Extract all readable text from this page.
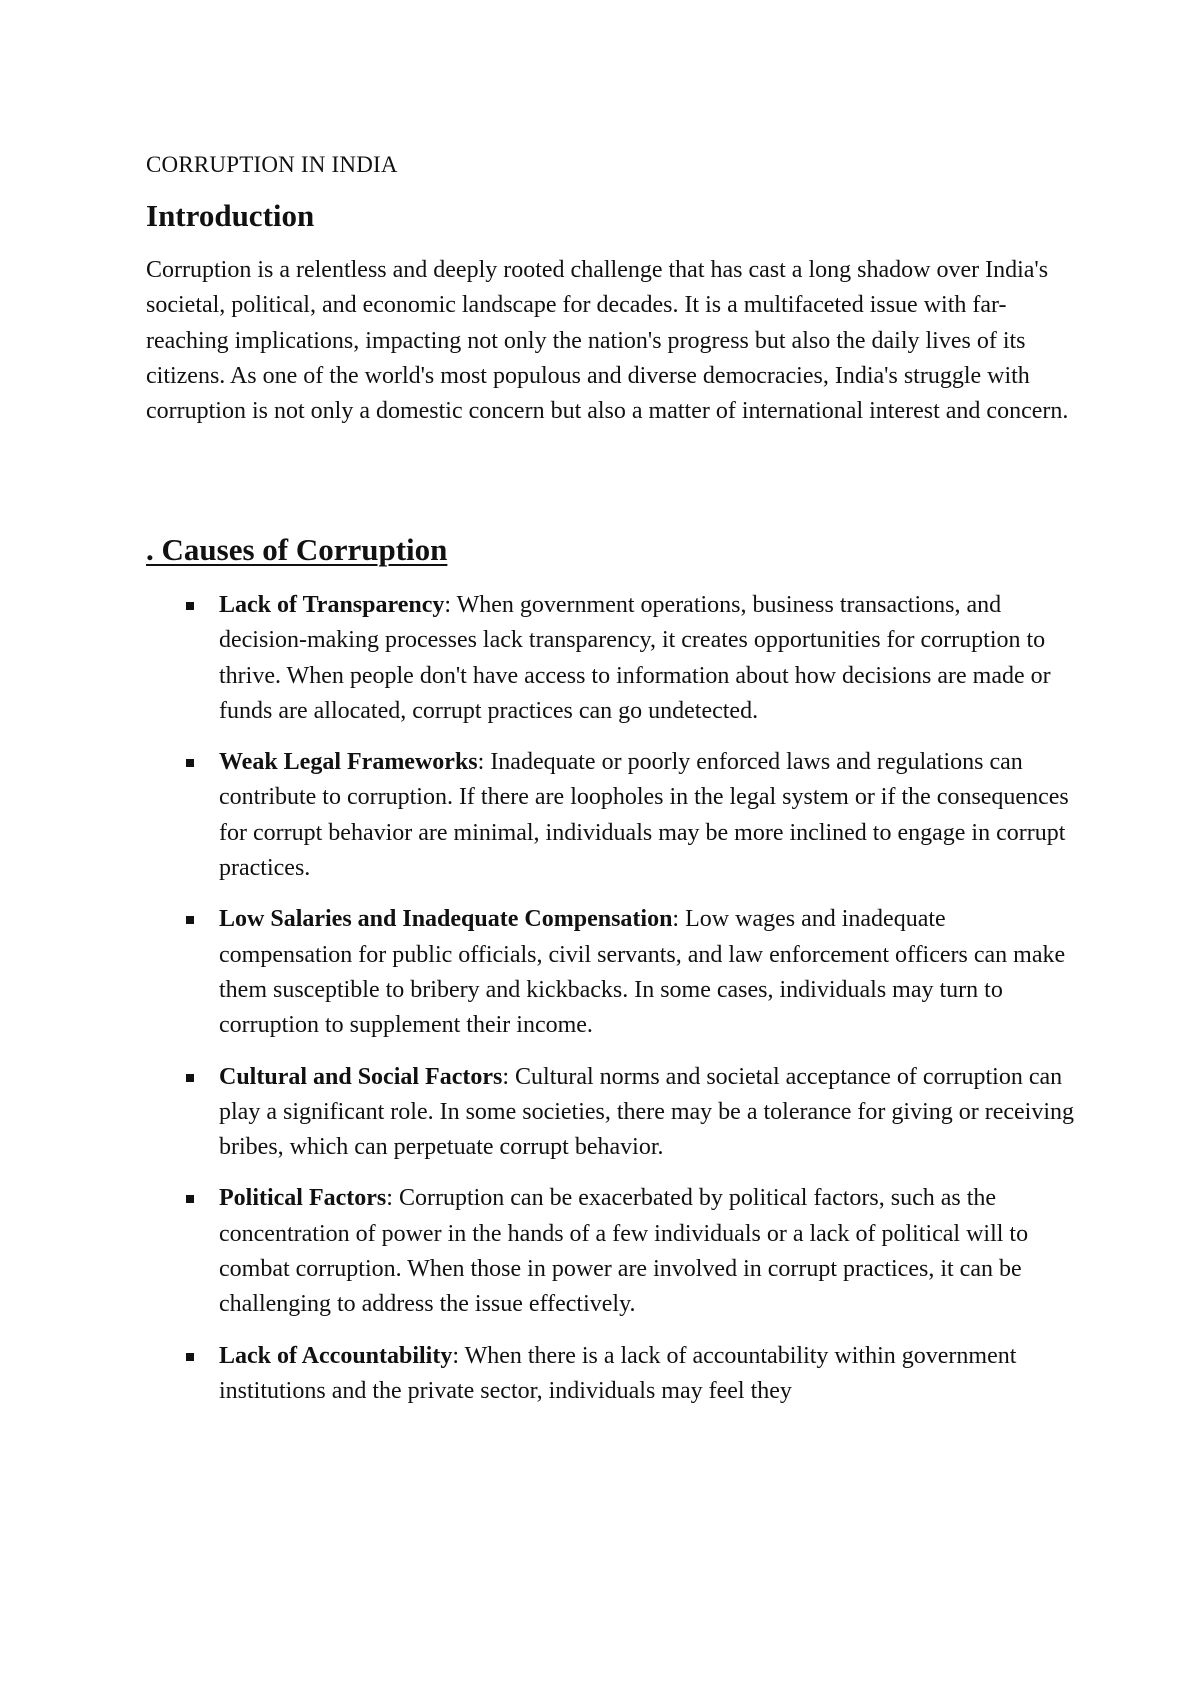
CORRUPTION IN INDIA
Introduction

Corruption is a relentless and deeply rooted challenge that has cast a long shadow over India's societal, political, and economic landscape for decades. It is a multifaceted issue with far-reaching implications, impacting not only the nation's progress but also the daily lives of its citizens. As one of the world's most populous and diverse democracies, India's struggle with corruption is not only a domestic concern but also a matter of international interest and concern.

. Causes of Corruption
Lack of Transparency: When government operations, business transactions, and decision-making processes lack transparency, it creates opportunities for corruption to thrive. When people don't have access to information about how decisions are made or funds are allocated, corrupt practices can go undetected.
Weak Legal Frameworks: Inadequate or poorly enforced laws and regulations can contribute to corruption. If there are loopholes in the legal system or if the consequences for corrupt behavior are minimal, individuals may be more inclined to engage in corrupt practices.
Low Salaries and Inadequate Compensation: Low wages and inadequate compensation for public officials, civil servants, and law enforcement officers can make them susceptible to bribery and kickbacks. In some cases, individuals may turn to corruption to supplement their income.
Cultural and Social Factors: Cultural norms and societal acceptance of corruption can play a significant role. In some societies, there may be a tolerance for giving or receiving bribes, which can perpetuate corrupt behavior.
Political Factors: Corruption can be exacerbated by political factors, such as the concentration of power in the hands of a few individuals or a lack of political will to combat corruption. When those in power are involved in corrupt practices, it can be challenging to address the issue effectively.
Lack of Accountability: When there is a lack of accountability within government institutions and the private sector, individuals may feel they
